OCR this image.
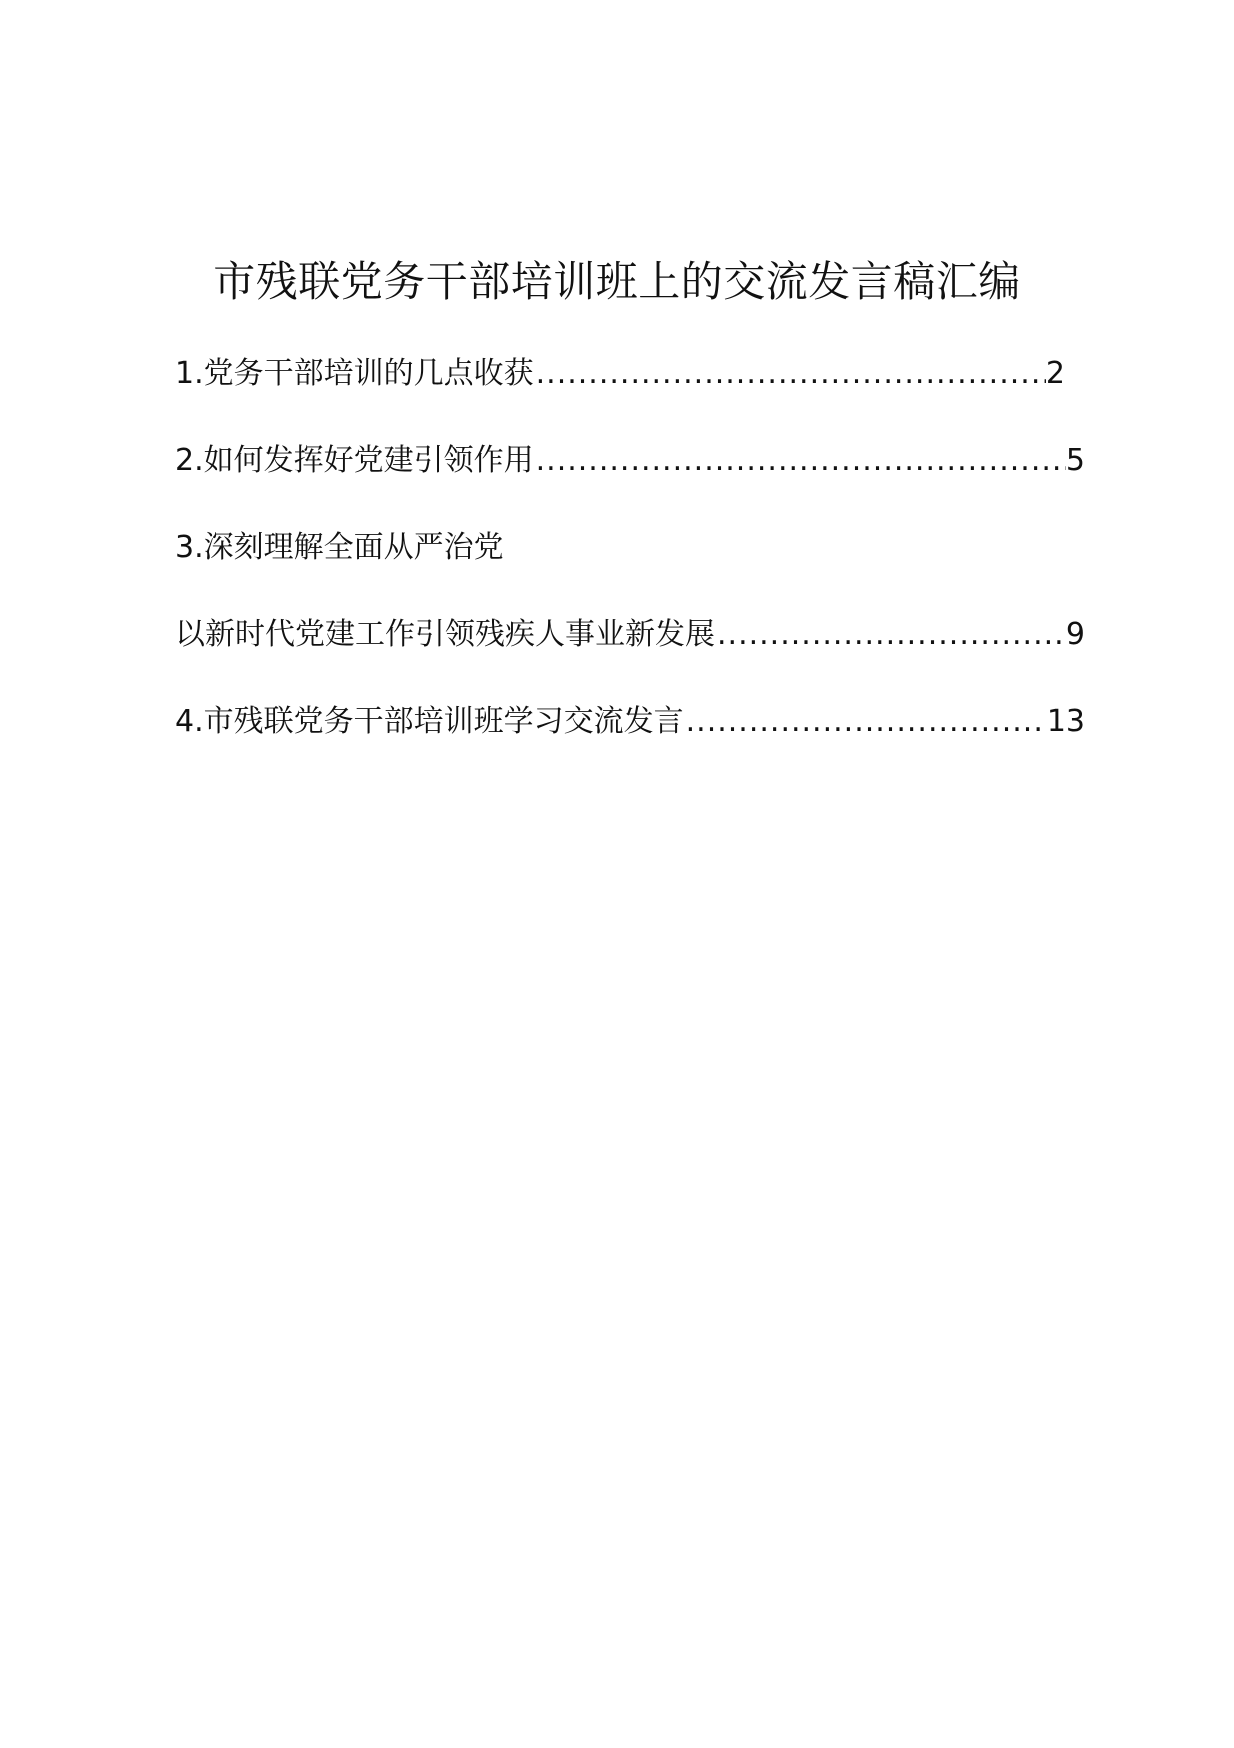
市残联党务干部培训班上的交流发言稿汇编
1.党务干部培训的几点收获 .....	2
2.如何发挥好党建引领作用 .....	5
3.深刻理解全面从严治党
以新时代党建工作引领残疾人事业新发展 .....	9
4.市残联党务干部培训班学习交流发言 .....	13
